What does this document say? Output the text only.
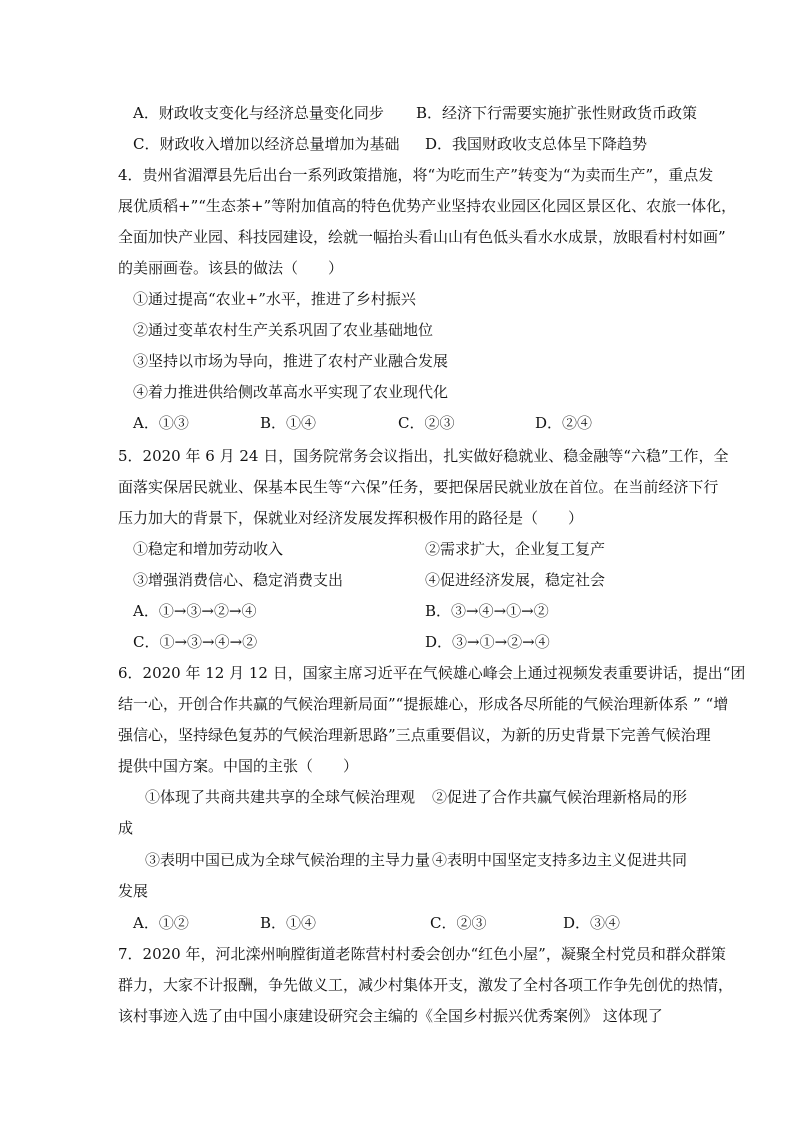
A．财政收支变化与经济总量变化同步 B．经济下行需要实施扩张性财政货币政策
C．财政收入增加以经济总量增加为基础 D．我国财政收支总体呈下降趋势
4．贵州省湄潭县先后出台一系列政策措施，将“为吃而生产”转变为“为卖而生产”，重点发
展优质稻+”“生态茶+”等附加值高的特色优势产业坚持农业园区化园区景区化、农旅一体化，
全面加快产业园、科技园建设，绘就一幅抬头看山山有色低头看水水成景，放眼看村村如画”
的美丽画卷。该县的做法（　　）
①通过提高“农业+”水平，推进了乡村振兴
②通过变革农村生产关系巩固了农业基础地位
③坚持以市场为导向，推进了农村产业融合发展
④着力推进供给侧改革高水平实现了农业现代化
A．①③	B．①④	C．②③	D．②④
5．2020 年 6 月 24 日，国务院常务会议指出，扎实做好稳就业、稳金融等“六稳”工作，全
面落实保居民就业、保基本民生等“六保”任务，要把保居民就业放在首位。在当前经济下行
压力加大的背景下，保就业对经济发展发挥积极作用的路径是（　　）
①稳定和增加劳动收入	②需求扩大，企业复工复产
③增强消费信心、稳定消费支出	④促进经济发展，稳定社会
A．①→③→②→④	B．③→④→①→②
C．①→③→④→②	D．③→①→②→④
6．2020 年 12 月 12 日，国家主席习近平在气候雄心峰会上通过视频发表重要讲话，提出“团
结一心，开创合作共赢的气候治理新局面”“提振雄心，形成各尽所能的气候治理新体系 ” “增
强信心，坚持绿色复苏的气候治理新思路”三点重要倡议，为新的历史背景下完善气候治理
提供中国方案。中国的主张（　　）
①体现了共商共建共享的全球气候治理观 ②促进了合作共赢气候治理新格局的形
成
③表明中国已成为全球气候治理的主导力量 ④表明中国坚定支持多边主义促进共同
发展
A．①②	B．①④	C．②③	D．③④
7．2020 年，河北滦州响膛街道老陈营村村委会创办“红色小屋”，凝聚全村党员和群众群策
群力，大家不计报酬，争先做义工，减少村集体开支，激发了全村各项工作争先创优的热情，
该村事迹入选了由中国小康建设研究会主编的《全国乡村振兴优秀案例》 这体现了
